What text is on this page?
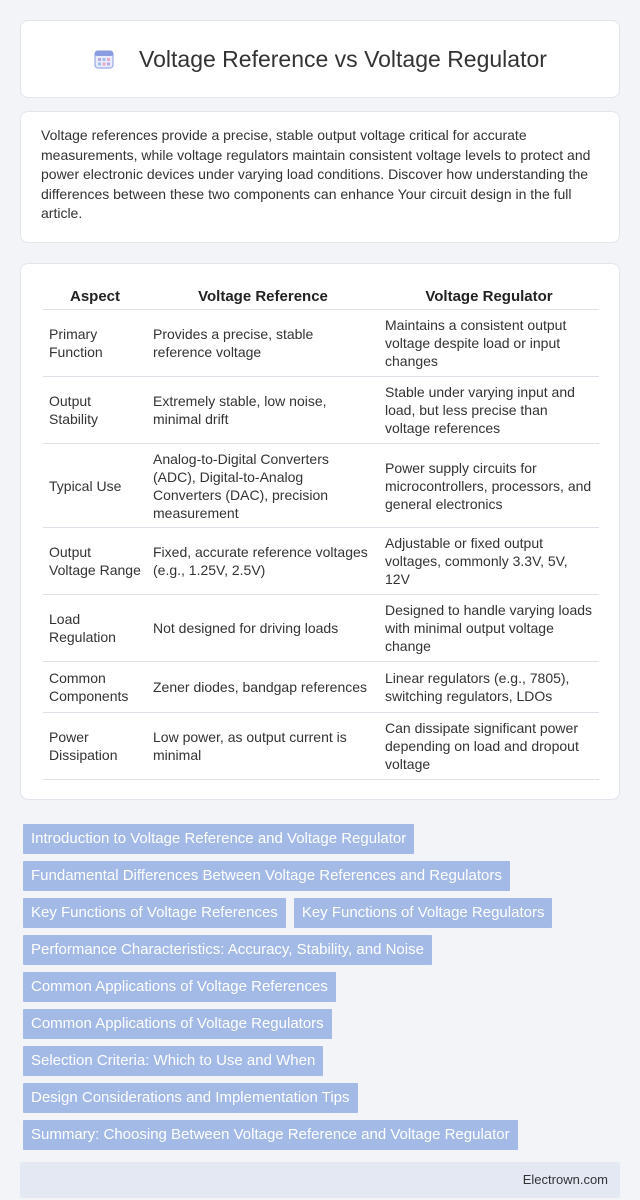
Voltage Reference vs Voltage Regulator

Voltage references provide a precise, stable output voltage critical for accurate measurements, while voltage regulators maintain consistent voltage levels to protect and power electronic devices under varying load conditions. Discover how understanding the differences between these two components can enhance Your circuit design in the full article.

Aspect	Voltage Reference	Voltage Regulator
Primary Function	Provides a precise, stable reference voltage	Maintains a consistent output voltage despite load or input changes
Output Stability	Extremely stable, low noise, minimal drift	Stable under varying input and load, but less precise than voltage references
Typical Use	Analog-to-Digital Converters (ADC), Digital-to-Analog Converters (DAC), precision measurement	Power supply circuits for microcontrollers, processors, and general electronics
Output Voltage Range	Fixed, accurate reference voltages (e.g., 1.25V, 2.5V)	Adjustable or fixed output voltages, commonly 3.3V, 5V, 12V
Load Regulation	Not designed for driving loads	Designed to handle varying loads with minimal output voltage change
Common Components	Zener diodes, bandgap references	Linear regulators (e.g., 7805), switching regulators, LDOs
Power Dissipation	Low power, as output current is minimal	Can dissipate significant power depending on load and dropout voltage
Introduction to Voltage Reference and Voltage Regulator
Fundamental Differences Between Voltage References and Regulators
Key Functions of Voltage References	Key Functions of Voltage Regulators
Performance Characteristics: Accuracy, Stability, and Noise
Common Applications of Voltage References
Common Applications of Voltage Regulators
Selection Criteria: Which to Use and When
Design Considerations and Implementation Tips
Summary: Choosing Between Voltage Reference and Voltage Regulator
Electrown.com
